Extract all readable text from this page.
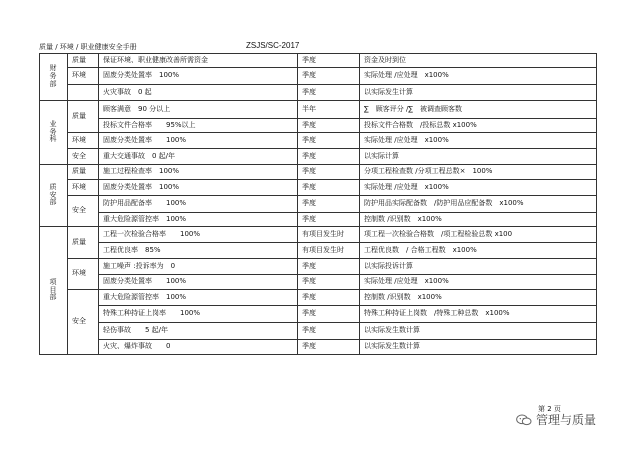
质量 / 环境 / 职业健康安全手册	ZSJS/SC-2017
财 务
部	质量	保证环境、职业健康改善所需资金	季度	资金及时到位
	环境	固废分类处置率　100%	季度	实际处理 /应处理　x100%
		火灾事故　0 起	季度	以实际发生计算
业 务
科	质量	顾客满意　90 分以上	半年	∑　顾客评分 /∑　被调查顾客数
		投标文件合格率　　95%以上	季度	投标文件合格数　/投标总数 x100%
	环境	固废分类处置率　　100%	季度	实际处理 /应处理　x100%
	安全	重大交通事故　0 起/年	季度	以实际计算
质 安
部	质量	施工过程检查率　100%	季度	分项工程检查数 /分项工程总数×　100%
	环境	固废分类处置率　100%	季度	实际处理 /应处理　x100%
	安全	防护用品配备率　　100%	季度	防护用品实际配备数　/防护用品应配备数　x100%
		重大危险源管控率　100%	季度	控制数 /识别数　x100%
项 目
部	质量	工程一次检验合格率　　100%	有项目发生时	项工程一次检验合格数　/项工程检验总数 x100
		工程优良率　85%	有项目发生时	工程优良数　/ 合格工程数　x100%
	环境	施工噪声 :投诉率为　0	季度	以实际投诉计算
		固废分类处置率　　100%	季度	实际处理 /应处理　x100%
	安全	重大危险源管控率　100%	季度	控制数 /识别数　x100%
		特殊工种持证上岗率　　100%	季度	特殊工种持证上岗数　/特殊工种总数　x100%
		轻伤事故　　5 起/年	季度	以实际发生数计算
		火灾、爆炸事故　　0	季度	以实际发生数计算
第 2 页
管理与质量
